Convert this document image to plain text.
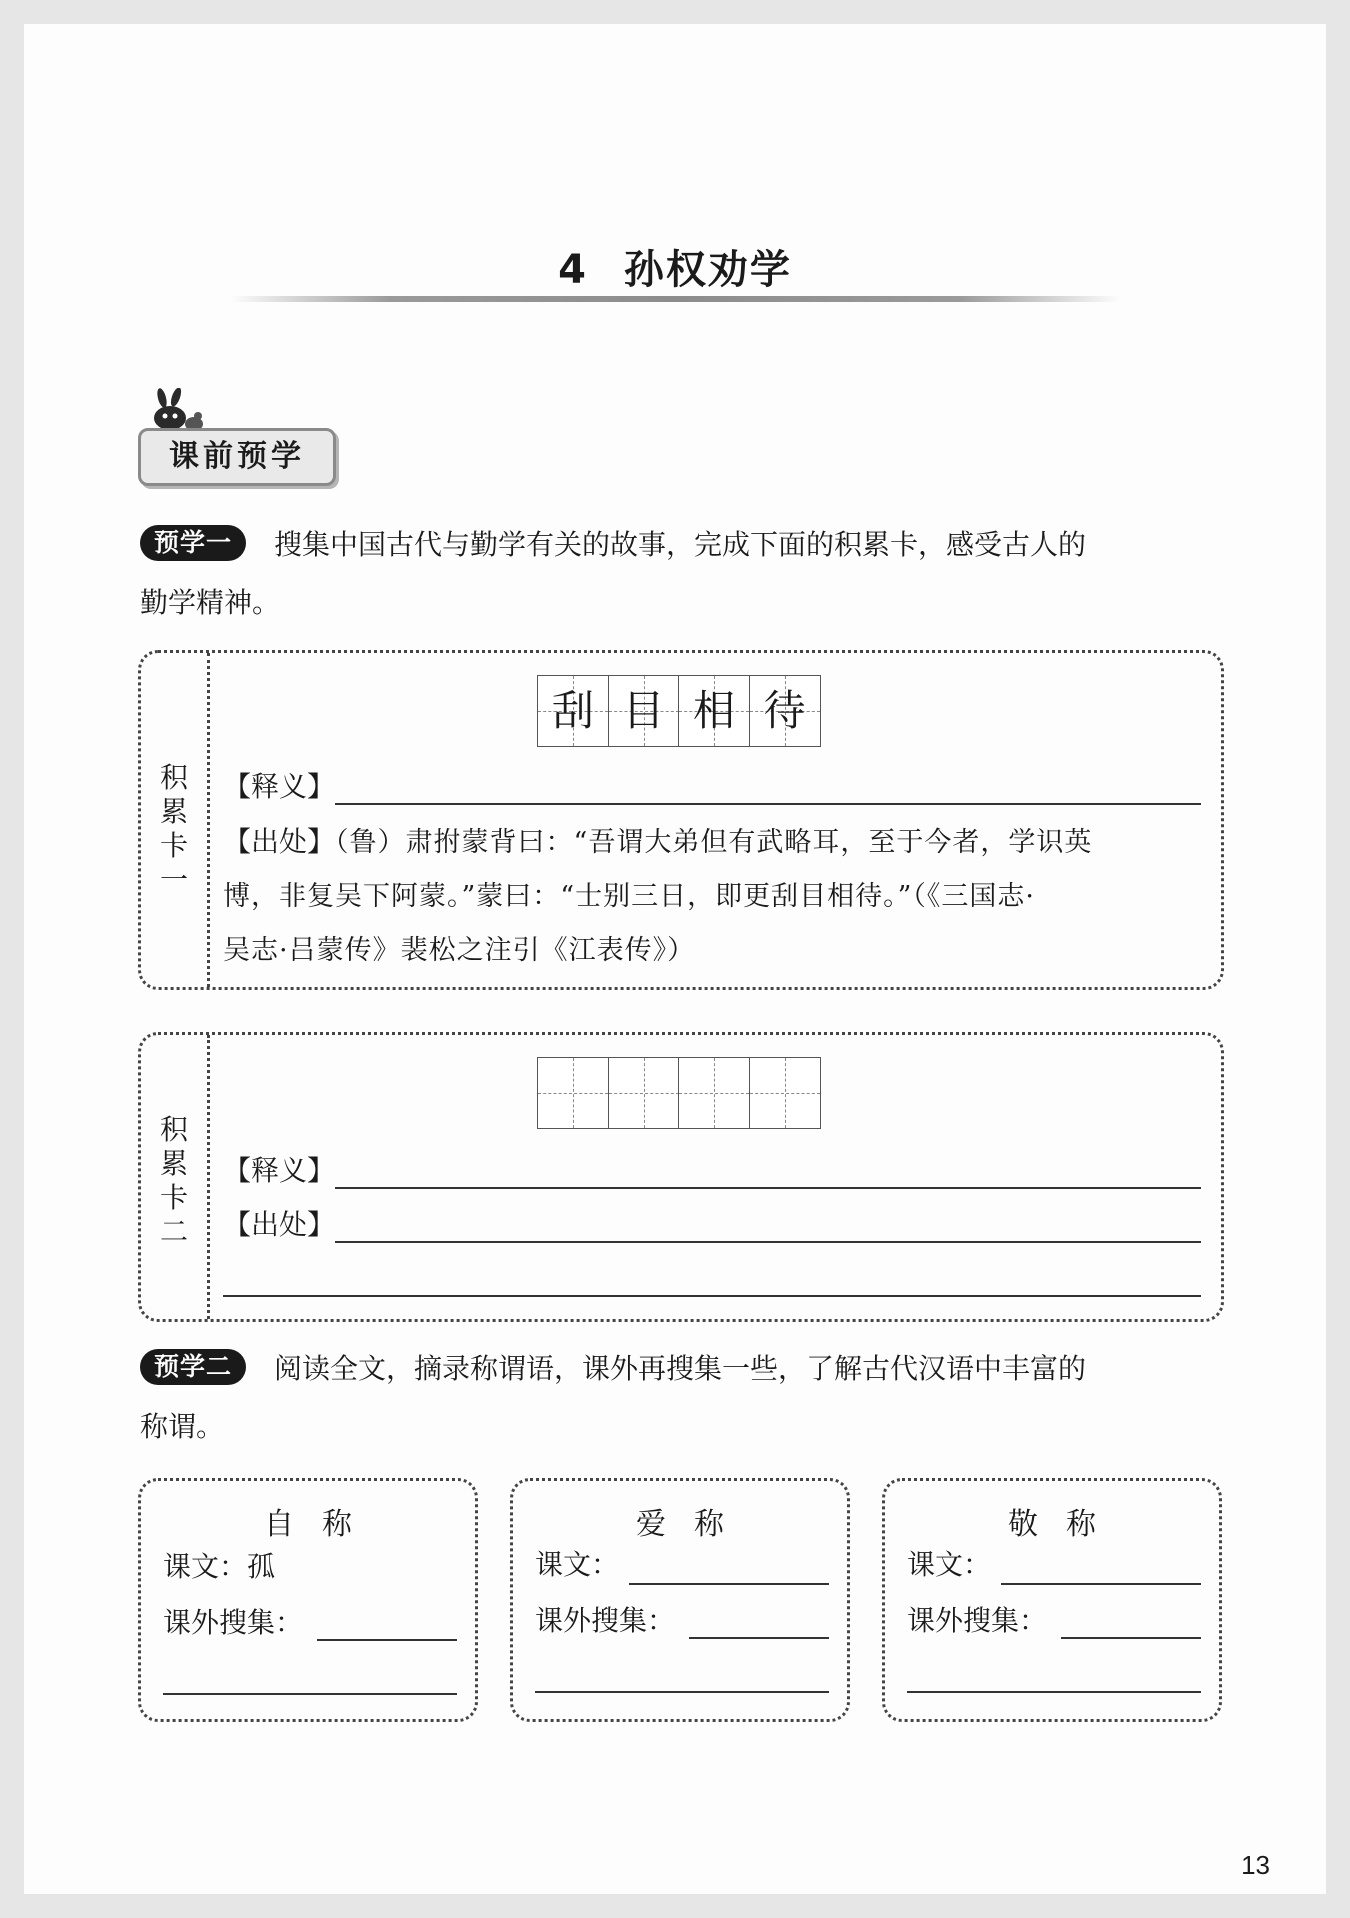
4 孙权劝学
课前预学
预学一 搜集中国古代与勤学有关的故事，完成下面的积累卡，感受古人的
勤学精神。
积
累
卡
一
刮 目 相 待
【释义】
【出处】（鲁）肃拊蒙背曰：“吾谓大弟但有武略耳，至于今者，学识英
博，非复吴下阿蒙。”蒙曰：“士别三日，即更刮目相待。”（《三国志·
吴志·吕蒙传》裴松之注引《江表传》）
积
累
卡
二
【释义】
【出处】
预学二 阅读全文，摘录称谓语，课外再搜集一些，了解古代汉语中丰富的
称谓。
自称
课文：孤
课外搜集：
爱称
课文：
课外搜集：
敬称
课文：
课外搜集：
13
